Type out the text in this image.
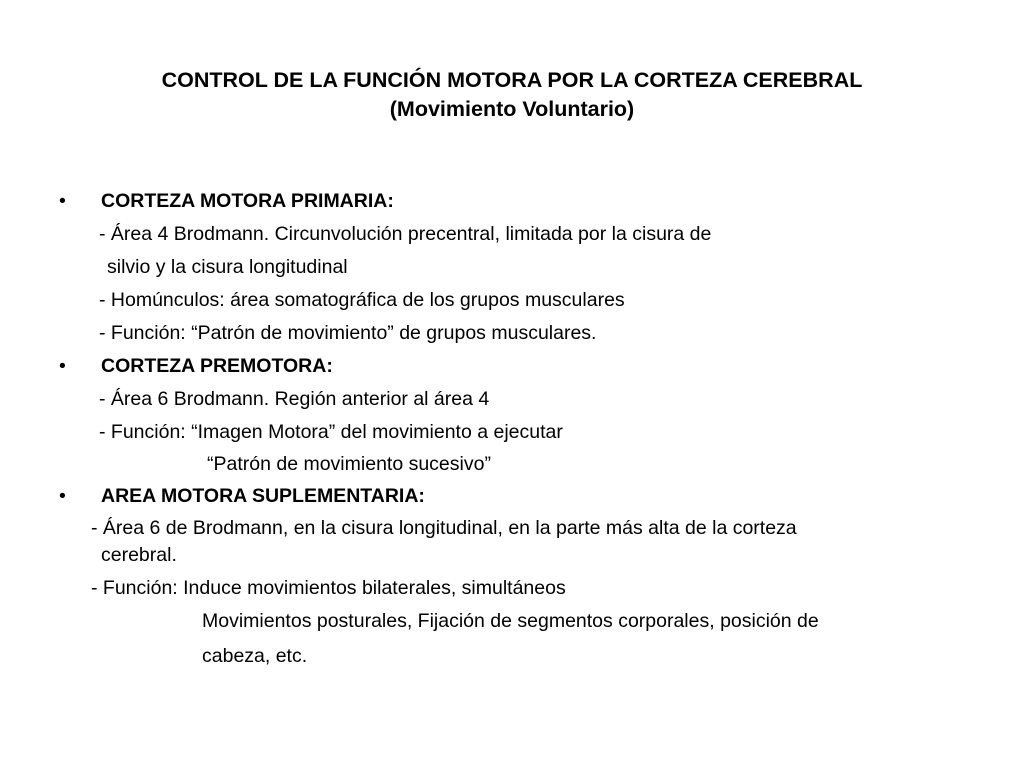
CONTROL DE LA FUNCIÓN MOTORA POR LA CORTEZA CEREBRAL
(Movimiento Voluntario)
• CORTEZA MOTORA PRIMARIA:
- Área 4 Brodmann. Circunvolución precentral, limitada por la cisura de
silvio y la cisura longitudinal
- Homúnculos: área somatográfica de los grupos musculares
- Función: “Patrón de movimiento” de grupos musculares.
• CORTEZA PREMOTORA:
- Área 6 Brodmann. Región anterior al área 4
- Función: “Imagen Motora” del movimiento a ejecutar
“Patrón de movimiento sucesivo”
• AREA MOTORA SUPLEMENTARIA:
- Área 6 de Brodmann, en la cisura longitudinal, en la parte más alta de la corteza
cerebral.
- Función: Induce movimientos bilaterales, simultáneos
Movimientos posturales, Fijación de segmentos corporales, posición de
cabeza, etc.
